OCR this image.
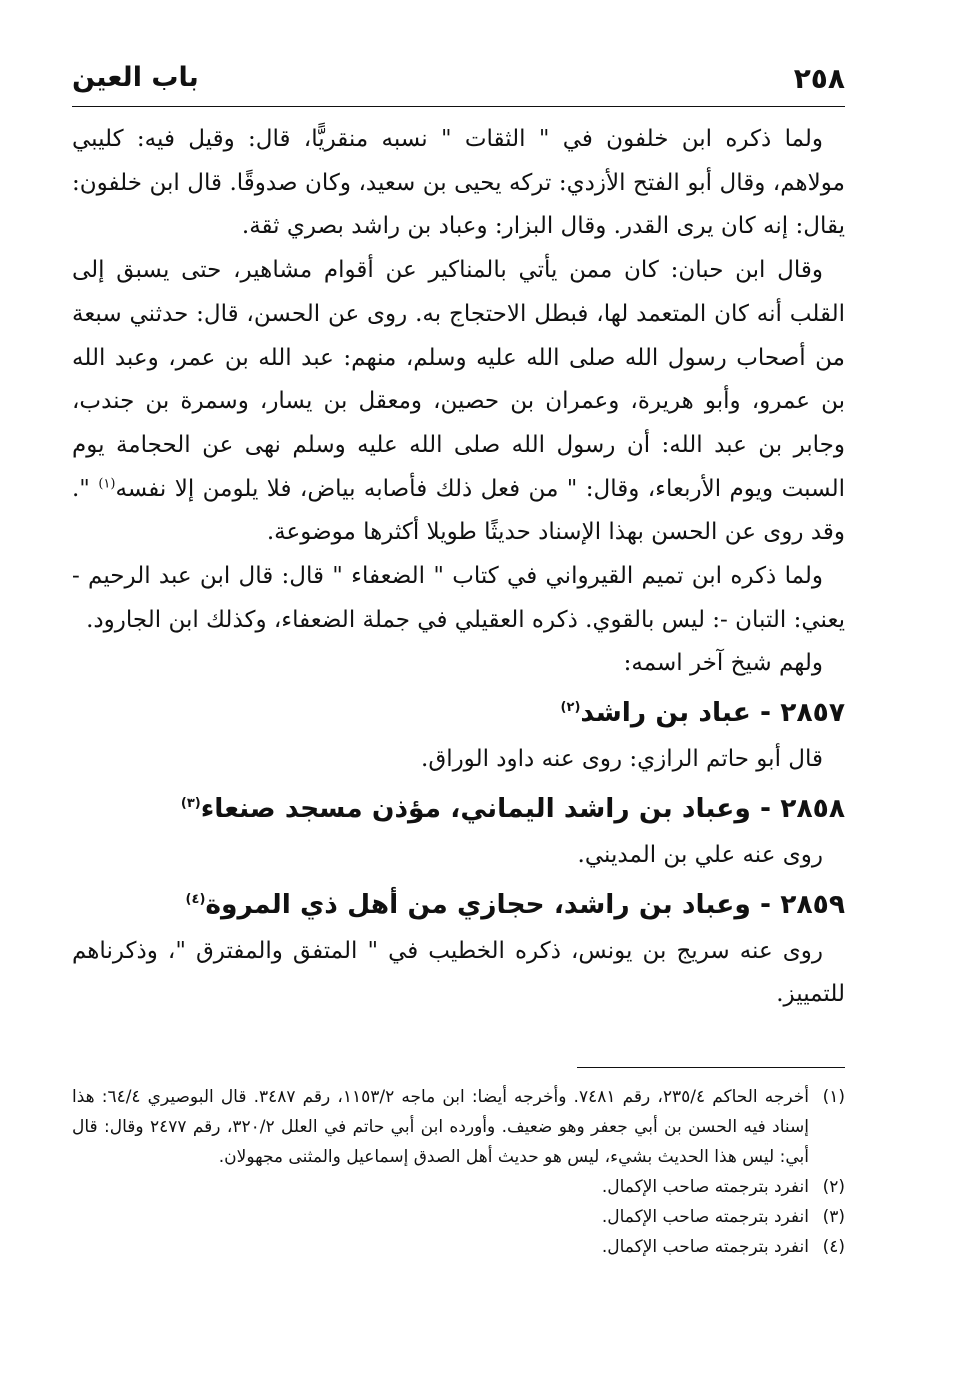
٢٥٨
باب العين

ولما ذكره ابن خلفون في " الثقات " نسبه منقريًّا، قال: وقيل فيه: كليبي مولاهم، وقال أبو الفتح الأزدي: تركه يحيى بن سعيد، وكان صدوقًا. قال ابن خلفون: يقال: إنه كان يرى القدر. وقال البزار: وعباد بن راشد بصري ثقة.

وقال ابن حبان: كان ممن يأتي بالمناكير عن أقوام مشاهير، حتى يسبق إلى القلب أنه كان المتعمد لها، فبطل الاحتجاج به. روى عن الحسن، قال: حدثني سبعة من أصحاب رسول الله صلى الله عليه وسلم، منهم: عبد الله بن عمر، وعبد الله بن عمرو، وأبو هريرة، وعمران بن حصين، ومعقل بن يسار، وسمرة بن جندب، وجابر بن عبد الله: أن رسول الله صلى الله عليه وسلم نهى عن الحجامة يوم السبت ويوم الأربعاء، وقال: " من فعل ذلك فأصابه بياض، فلا يلومن إلا نفسه$^{(١)}$ ". وقد روى عن الحسن بهذا الإسناد حديثًا طويلا أكثرها موضوعة.

ولما ذكره ابن تميم القيرواني في كتاب " الضعفاء " قال: قال ابن عبد الرحيم - يعني: التبان -: ليس بالقوي. ذكره العقيلي في جملة الضعفاء، وكذلك ابن الجارود.

ولهم شيخ آخر اسمه:

٢٨٥٧ - عباد بن راشد$^{(٢)}$

قال أبو حاتم الرازي: روى عنه داود الوراق.

٢٨٥٨ - وعباد بن راشد اليماني، مؤذن مسجد صنعاء$^{(٣)}$

روى عنه علي بن المديني.

٢٨٥٩ - وعباد بن راشد، حجازي من أهل ذي المروة$^{(٤)}$

روى عنه سريج بن يونس، ذكره الخطيب في " المتفق والمفترق "، وذكرناهم للتمييز.

(١)
أخرجه الحاكم ٢٣٥/٤، رقم ٧٤٨١. وأخرجه أيضا: ابن ماجه ١١٥٣/٢، رقم ٣٤٨٧. قال البوصيري ٦٤/٤: هذا إسناد فيه الحسن بن أبي جعفر وهو ضعيف. وأورده ابن أبي حاتم في العلل ٣٢٠/٢، رقم ٢٤٧٧ وقال: قال أبي: ليس هذا الحديث بشيء، ليس هو حديث أهل الصدق إسماعيل والمثنى مجهولان.

(٢)
انفرد بترجمته صاحب الإكمال.

(٣)
انفرد بترجمته صاحب الإكمال.

(٤)
انفرد بترجمته صاحب الإكمال.
